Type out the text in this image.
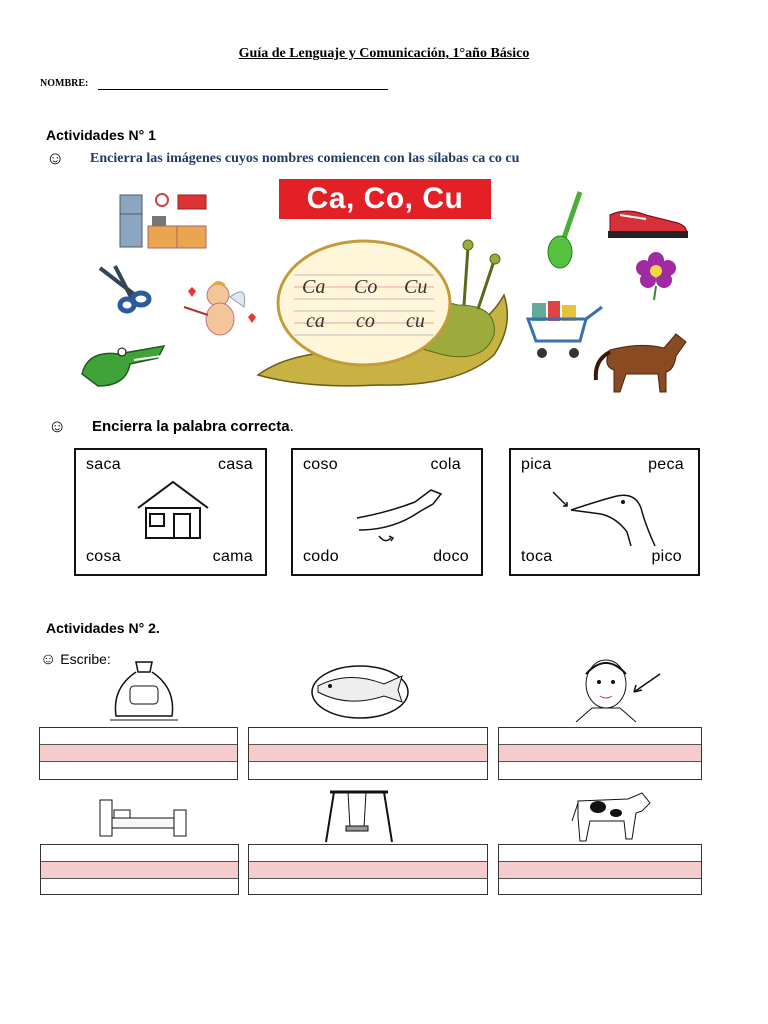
Guía de Lenguaje y Comunicación, 1°año Básico
NOMBRE:
Actividades N° 1
☺ Encierra las imágenes cuyos nombres comiencen con las sílabas ca co cu
Ca, Co, Cu
Ca Co Cu
ca co cu
☺ Encierra la palabra correcta.
saca	casa
cosa	cama
coso	cola
codo	doco
pica	peca
toca	pico
Actividades N° 2.
☺ Escribe:
